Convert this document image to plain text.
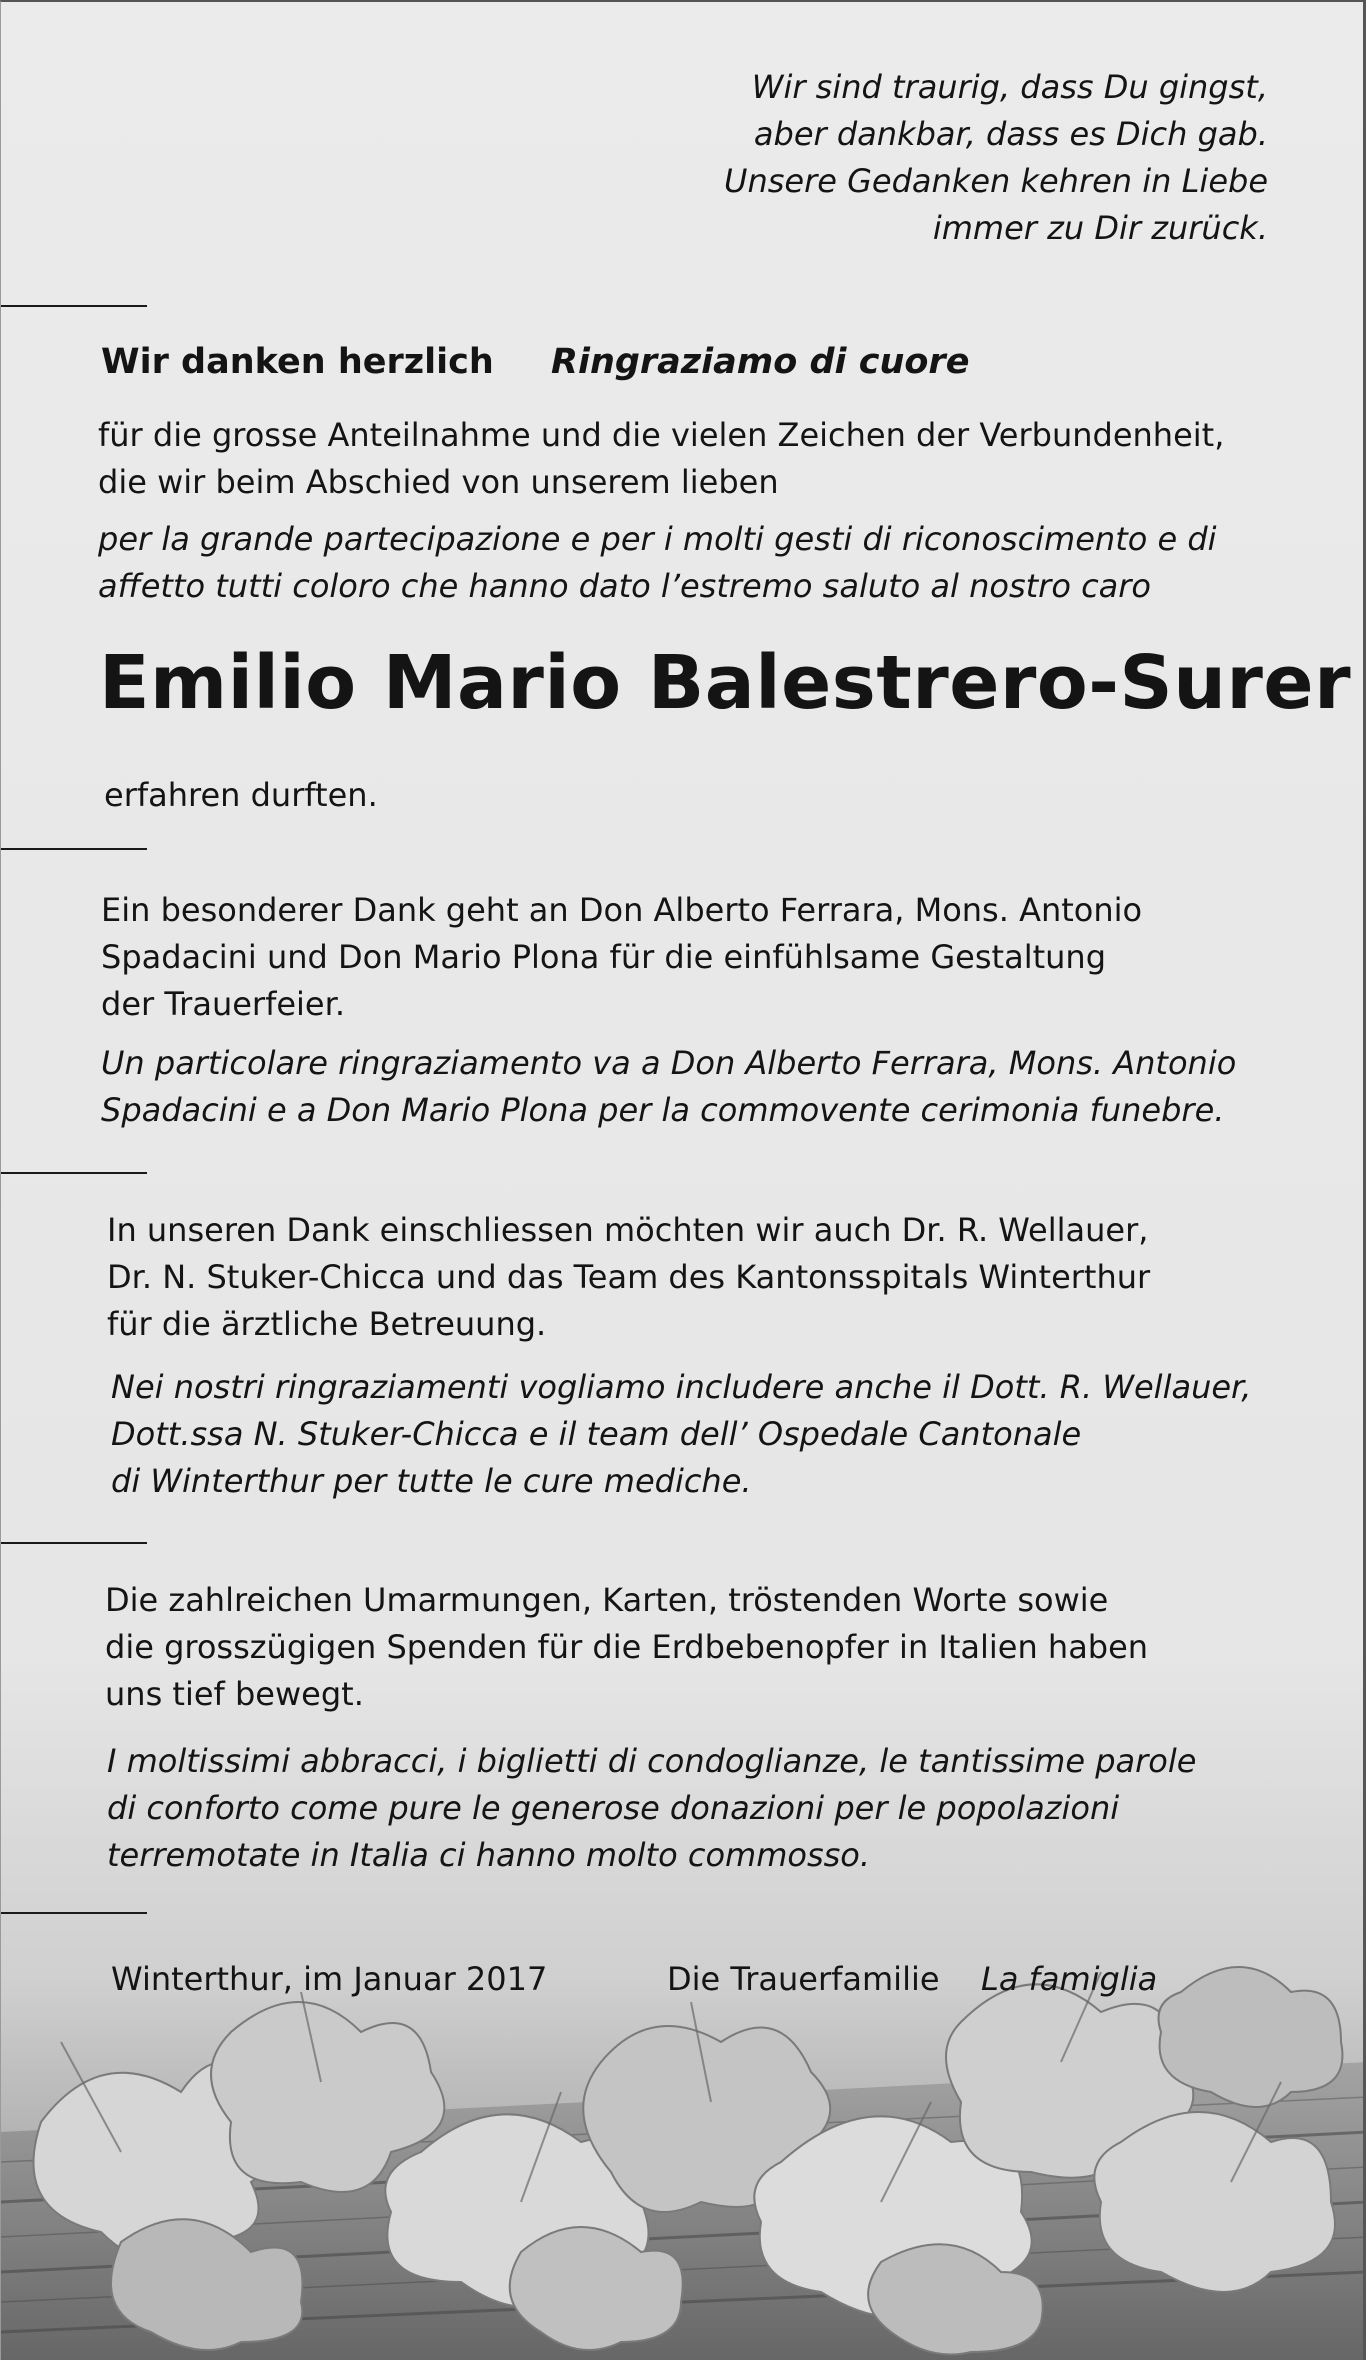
Wir sind traurig, dass Du gingst,
aber dankbar, dass es Dich gab.
Unsere Gedanken kehren in Liebe
immer zu Dir zurück.
Wir danken herzlich Ringraziamo di cuore
für die grosse Anteilnahme und die vielen Zeichen der Verbundenheit,
die wir beim Abschied von unserem lieben
per la grande partecipazione e per i molti gesti di riconoscimento e di
affetto tutti coloro che hanno dato l’estremo saluto al nostro caro
Emilio Mario Balestrero-Surer
erfahren durften.
Ein besonderer Dank geht an Don Alberto Ferrara, Mons. Antonio
Spadacini und Don Mario Plona für die einfühlsame Gestaltung
der Trauerfeier.
Un particolare ringraziamento va a Don Alberto Ferrara, Mons. Antonio
Spadacini e a Don Mario Plona per la commovente cerimonia funebre.
In unseren Dank einschliessen möchten wir auch Dr. R. Wellauer,
Dr. N. Stuker-Chicca und das Team des Kantonsspitals Winterthur
für die ärztliche Betreuung.
Nei nostri ringraziamenti vogliamo includere anche il Dott. R. Wellauer,
Dott.ssa N. Stuker-Chicca e il team dell’ Ospedale Cantonale
di Winterthur per tutte le cure mediche.
Die zahlreichen Umarmungen, Karten, tröstenden Worte sowie
die grosszügigen Spenden für die Erdbebenopfer in Italien haben
uns tief bewegt.
I moltissimi abbracci, i biglietti di condoglianze, le tantissime parole
di conforto come pure le generose donazioni per le popolazioni
terremotate in Italia ci hanno molto commosso.
Winterthur, im Januar 2017	Die Trauerfamilie La famiglia
